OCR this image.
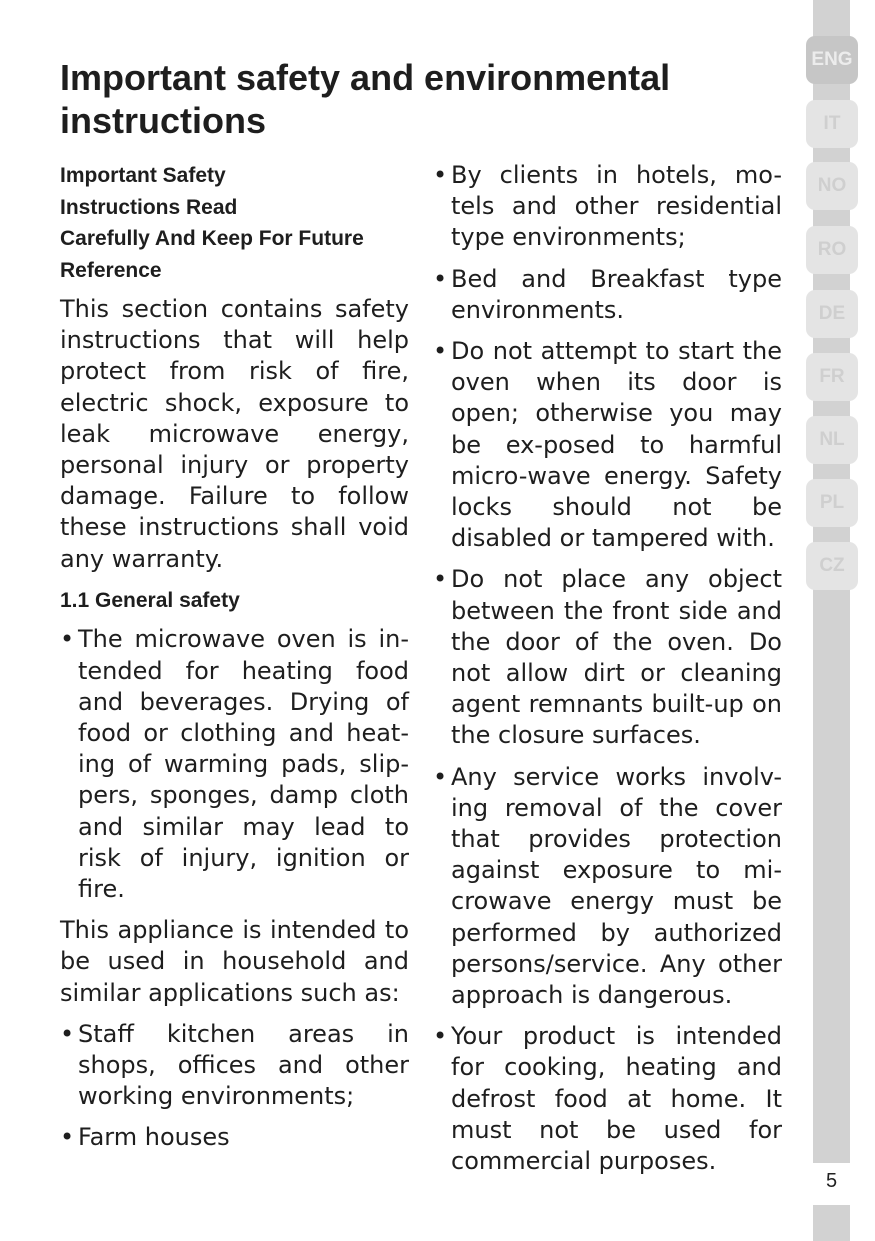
Important safety and environmental instructions

Important Safety
Instructions Read
Carefully And Keep For Future
Reference

This section contains safety instructions that will help protect from risk of fire, electric shock, exposure to leak microwave energy, personal injury or property damage. Failure to follow these instructions shall void any warranty.

1.1 General safety

• The microwave oven is in-tended for heating food and beverages. Drying of food or clothing and heat-ing of warming pads, slip-pers, sponges, damp cloth and similar may lead to risk of injury, ignition or fire.

This appliance is intended to be used in household and similar applications such as:

• Staff kitchen areas in shops, offices and other working environments;
• Farm houses
• By clients in hotels, mo-tels and other residential type environments;
• Bed and Breakfast type environments.
• Do not attempt to start the oven when its door is open; otherwise you may be ex-posed to harmful micro-wave energy. Safety locks should not be disabled or tampered with.
• Do not place any object between the front side and the door of the oven. Do not allow dirt or cleaning agent remnants built-up on the closure surfaces.
• Any service works involv-ing removal of the cover that provides protection against exposure to mi-crowave energy must be performed by authorized persons/service. Any other approach is dangerous.
• Your product is intended for cooking, heating and defrost food at home. It must not be used for commercial purposes.
ENG
IT
NO
RO
DE
FR
NL
PL
CZ
5
